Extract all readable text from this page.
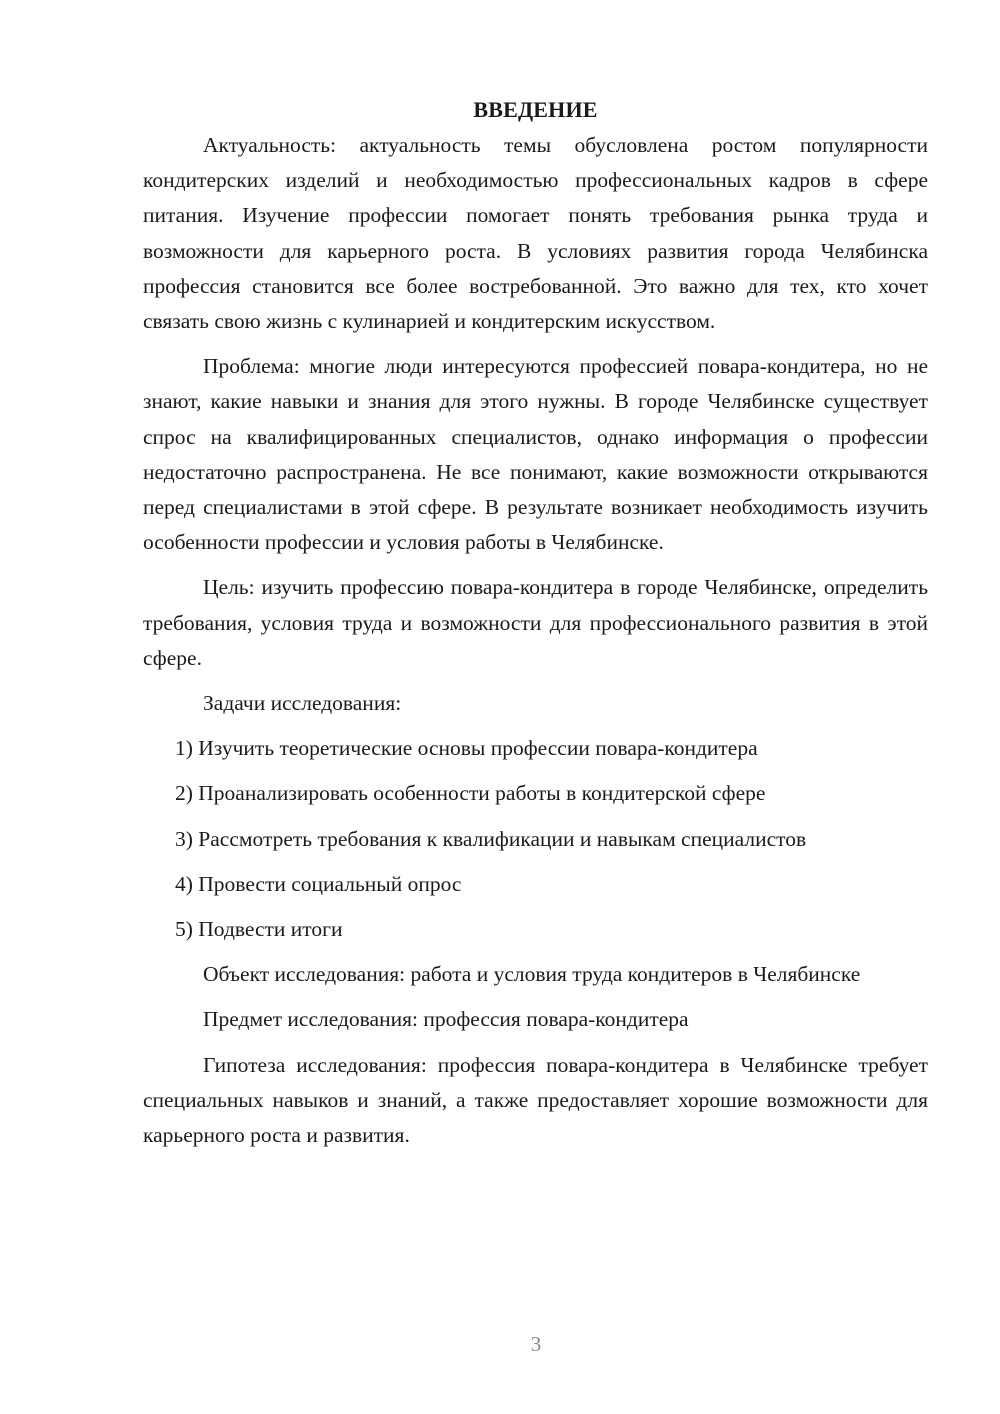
ВВЕДЕНИЕ

Актуальность: актуальность темы обусловлена ростом популярности кондитерских изделий и необходимостью профессиональных кадров в сфере питания. Изучение профессии помогает понять требования рынка труда и возможности для карьерного роста. В условиях развития города Челябинска профессия становится все более востребованной. Это важно для тех, кто хочет связать свою жизнь с кулинарией и кондитерским искусством.

Проблема: многие люди интересуются профессией повара-кондитера, но не знают, какие навыки и знания для этого нужны. В городе Челябинске существует спрос на квалифицированных специалистов, однако информация о профессии недостаточно распространена. Не все понимают, какие возможности открываются перед специалистами в этой сфере. В результате возникает необходимость изучить особенности профессии и условия работы в Челябинске.

Цель: изучить профессию повара-кондитера в городе Челябинске, определить требования, условия труда и возможности для профессионального развития в этой сфере.

Задачи исследования:

1) Изучить теоретические основы профессии повара-кондитера
2) Проанализировать особенности работы в кондитерской сфере
3) Рассмотреть требования к квалификации и навыкам специалистов
4) Провести социальный опрос
5) Подвести итоги

Объект исследования: работа и условия труда кондитеров в Челябинске

Предмет исследования: профессия повара-кондитера

Гипотеза исследования: профессия повара-кондитера в Челябинске требует специальных навыков и знаний, а также предоставляет хорошие возможности для карьерного роста и развития.

3
